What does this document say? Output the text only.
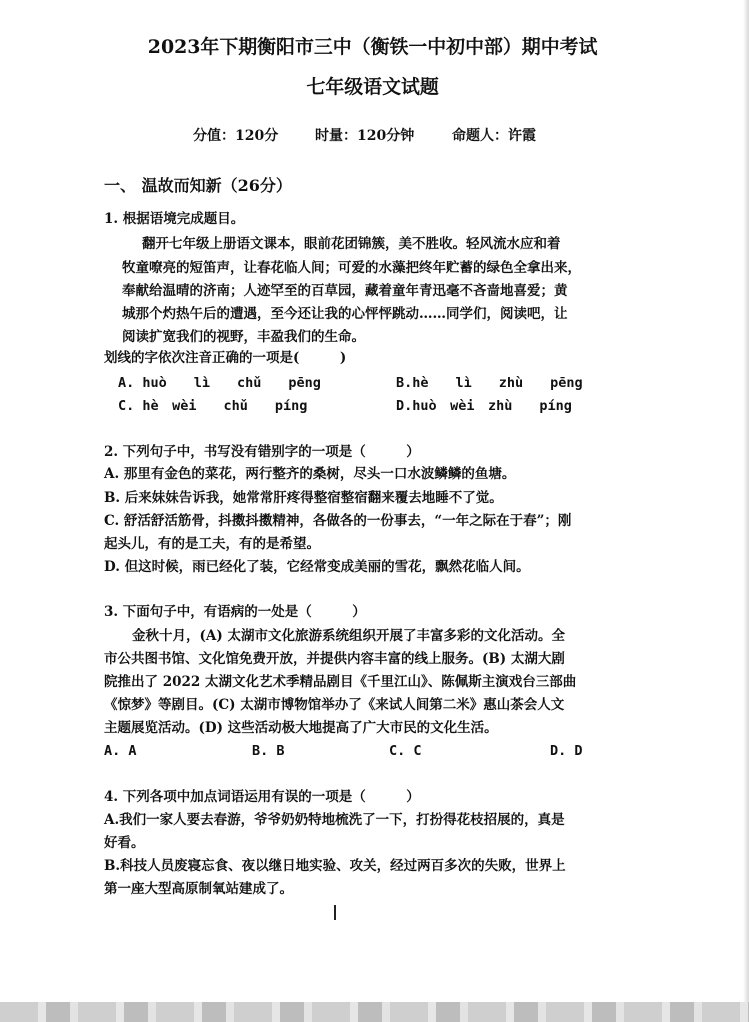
2023年下期衡阳市三中（衡铁一中初中部）期中考试
七年级语文试题
分值：120分	时量：120分钟	命题人：许霞
一、 温故而知新（26分）
1. 根据语境完成题目。
翻开七年级上册语文课本，眼前花团锦簇，美不胜收。轻风流水应和着
牧童嘹亮的短笛声，让春花临人间；可爱的水藻把终年贮蓄的绿色全拿出来，
奉献给温晴的济南；人迹罕至的百草园，藏着童年青迅毫不吝啬地喜爱；黄
城那个灼热午后的遭遇，至今还让我的心怦怦跳动……同学们，阅读吧，让
阅读扩宽我们的视野，丰盈我们的生命。
划线的字依次注音正确的一项是(　　　)
A. huò　　lì　　chǔ　　pēng	B.hè　　lì　　zhù　　pēng
C. hè　wèi　　chǔ　　píng	D.huò　wèi　zhù　　píng
2. 下列句子中，书写没有错别字的一项是（　　　）
A. 那里有金色的菜花，两行整齐的桑树，尽头一口水波鳞鳞的鱼塘。
B. 后来妹妹告诉我，她常常肝疼得整宿整宿翻来覆去地睡不了觉。
C. 舒活舒活筋骨，抖擞抖擞精神，各做各的一份事去，“一年之际在于春”；刚
起头儿，有的是工夫，有的是希望。
D. 但这时候，雨已经化了装，它经常变成美丽的雪花，飘然花临人间。
3. 下面句子中，有语病的一处是（　　　）
金秋十月，(A) 太湖市文化旅游系统组织开展了丰富多彩的文化活动。全
市公共图书馆、文化馆免费开放，并提供内容丰富的线上服务。(B) 太湖大剧
院推出了 2022 太湖文化艺术季精品剧目《千里江山》、陈佩斯主演戏台三部曲
《惊梦》等剧目。(C) 太湖市博物馆举办了《来试人间第二米》惠山茶会人文
主题展览活动。(D) 这些活动极大地提高了广大市民的文化生活。
A. A	B. B	C. C	D. D
4. 下列各项中加点词语运用有误的一项是（　　　）
A.我们一家人要去春游，爷爷奶奶特地梳洗了一下，打扮得花枝招展的，真是
好看。
B.科技人员废寝忘食、夜以继日地实验、攻关，经过两百多次的失败，世界上
第一座大型高原制氧站建成了。
